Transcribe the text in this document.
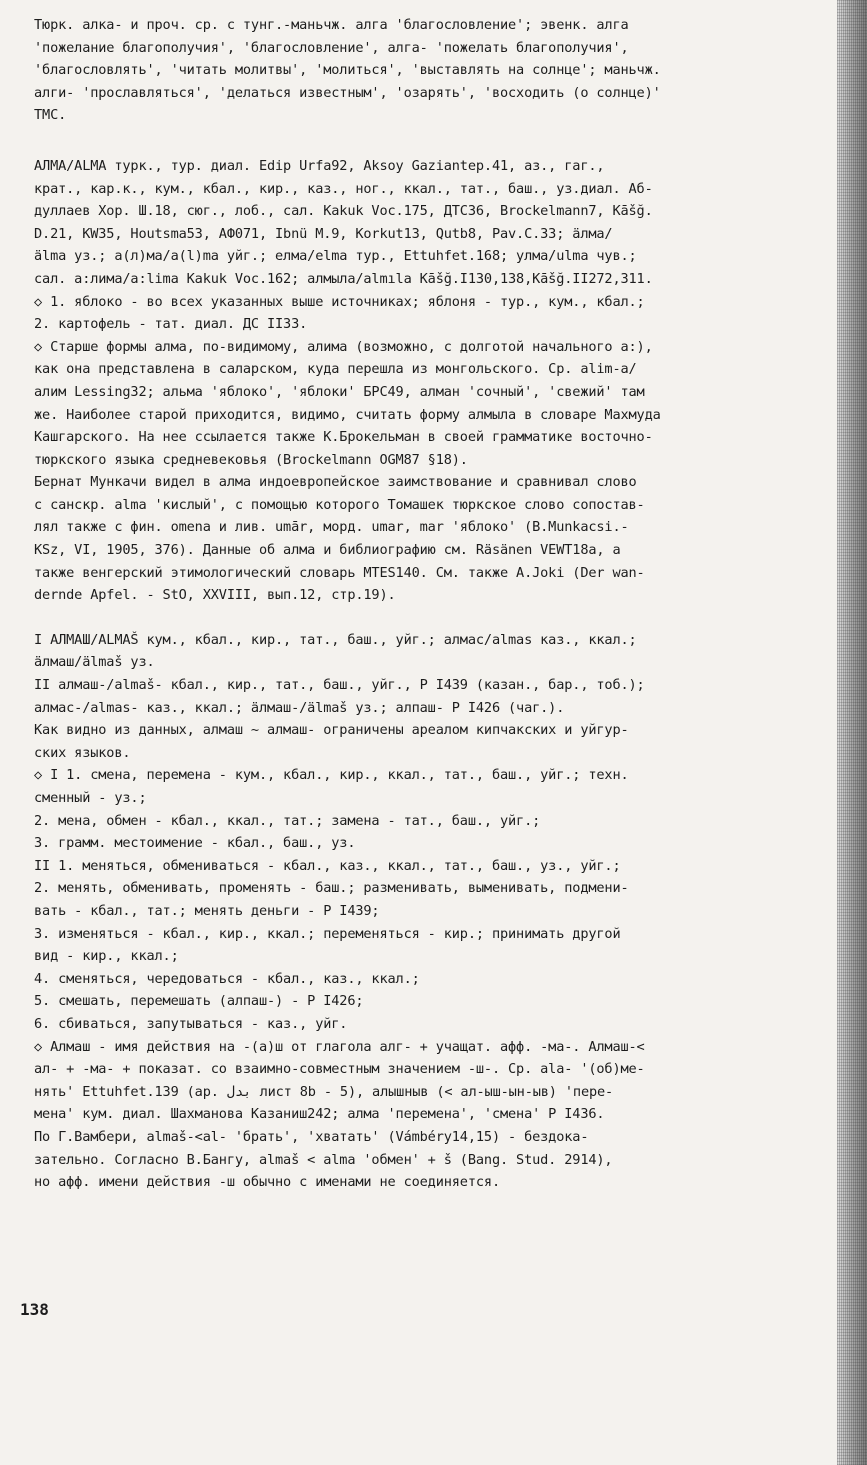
Тюрк. алка- и проч. ср. с тунг.-маньчж. алга 'благословление'; эвенк. алга
'пожелание благополучия', 'благословление', алга- 'пожелать благополучия',
'благословлять', 'читать молитвы', 'молиться', 'выставлять на солнце'; маньчж.
алги- 'прославляться', 'делаться известным', 'озарять', 'восходить (о солнце)'
ТМС.
АЛМА/ALMA турк., тур. диал. Edip Urfa92, Aksoy Gaziantep.41, аз., гаг.,
крат., кар.к., кум., кбал., кир., каз., ног., ккал., тат., баш., уз.диал. Аб-
дуллаев Хор. Ш.18, сюг., лоб., сал. Kakuk Voc.175, ДТС36, Brockelmann7, Kāšğ.
D.21, KW35, Houtsma53, АФ071, Ibnü M.9, Korkut13, Qutb8, Pav.C.33; äлма/
älma уз.; а(л)ма/а(l)ma уйг.; елма/elma тур., Ettuhfet.168; улма/ulma чув.;
сал. а:лима/а:lima Kakuk Voc.162; алмыла/almıla Kāšğ.I130,138,Kāšğ.II272,311.
◇ 1. яблоко - во всех указанных выше источниках; яблоня - тур., кум., кбал.;
2. картофель - тат. диал. ДС II33.
◇ Старше формы алма, по-видимому, алима (возможно, с долготой начального а:),
как она представлена в саларском, куда перешла из монгольского. Ср. alim-a/
алим Lessing32; альма 'яблоко', 'яблоки' БРС49, алман 'сочный', 'свежий' там
же. Наиболее старой приходится, видимо, считать форму алмыла в словаре Махмуда
Кашгарского. На нее ссылается также К.Брокельман в своей грамматике восточно-
тюркского языка средневековья (Brockelmann OGM87 §18).
Бернат Мункачи видел в алма индоевропейское заимствование и сравнивал слово
с санскр. alma 'кислый', с помощью которого Томашек тюркское слово сопостав-
лял также с фин. omena и лив. umār, морд. umar, mar 'яблоко' (B.Munkacsi.-
KSz, VI, 1905, 376). Данные об алма и библиографию см. Räsänen VEWT18a, а
также венгерский этимологический словарь MTES140. См. также A.Joki (Der wan-
dernde Apfel. - StO, XXVIII, вып.12, стр.19).
I АЛМАШ/ALMAŠ кум., кбал., кир., тат., баш., уйг.; алмас/almas каз., ккал.;
äлмаш/älmaš уз.
II алмаш-/almaš- кбал., кир., тат., баш., уйг., Р I439 (казан., бар., тоб.);
алмас-/almas- каз., ккал.; äлмаш-/älmaš уз.; алпаш- Р I426 (чаг.).
Как видно из данных, алмаш ~ алмаш- ограничены ареалом кипчакских и уйгур-
ских языков.
◇ I 1. смена, перемена - кум., кбал., кир., ккал., тат., баш., уйг.; техн.
сменный - уз.;
2. мена, обмен - кбал., ккал., тат.; замена - тат., баш., уйг.;
3. грамм. местоимение - кбал., баш., уз.
II 1. меняться, обмениваться - кбал., каз., ккал., тат., баш., уз., уйг.;
2. менять, обменивать, променять - баш.; разменивать, выменивать, подмени-
вать - кбал., тат.; менять деньги - Р I439;
3. изменяться - кбал., кир., ккал.; переменяться - кир.; принимать другой
вид - кир., ккал.;
4. сменяться, чередоваться - кбал., каз., ккал.;
5. смешать, перемешать (алпаш-) - Р I426;
6. сбиваться, запутываться - каз., уйг.
◇ Алмаш - имя действия на -(а)ш от глагола алг- + учащат. афф. -ма-. Алмаш-<
ал- + -ма- + показат. со взаимно-совместным значением -ш-. Ср. ala- '(об)ме-
нять' Ettuhfet.139 (ар. بدل лист 8b - 5), алышныв (< ал-ыш-ын-ыв) 'пере-
мена' кум. диал. Шахманова Казаниш242; алма 'перемена', 'смена' Р I436.
По Г.Вамбери, almaš-<al- 'брать', 'хватать' (Vámbéry14,15) - бездока-
зательно. Согласно В.Бангу, almaš < alma 'обмен' + š (Bang. Stud. 2914),
но афф. имени действия -ш обычно с именами не соединяется.
138
